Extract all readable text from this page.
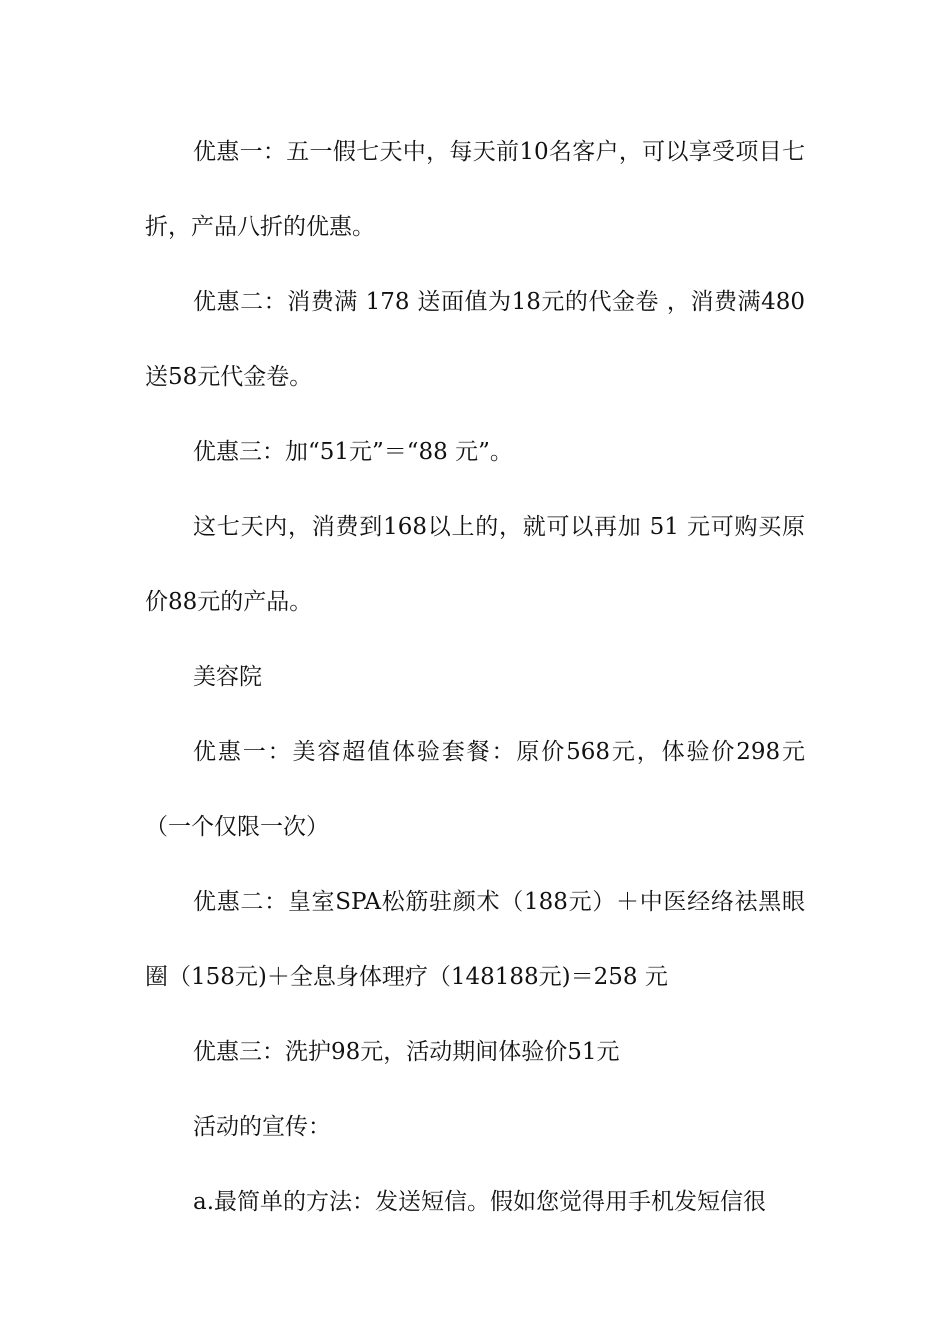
优惠一：五一假七天中，每天前10名客户，可以享受项目七折，产品八折的优惠。

优惠二：消费满 178 送面值为18元的代金卷 ，消费满480送58元代金卷。

优惠三：加“51元”＝“88 元”。

这七天内，消费到168以上的，就可以再加 51 元可购买原价88元的产品。

美容院

优惠一：美容超值体验套餐：原价568元，体验价298元（一个仅限一次）

优惠二：皇室SPA松筋驻颜术（188元）＋中医经络祛黑眼圈（158元)＋全息身体理疗（148188元)＝258 元

优惠三：洗护98元，活动期间体验价51元

活动的宣传：

a.最简单的方法：发送短信。假如您觉得用手机发短信很
